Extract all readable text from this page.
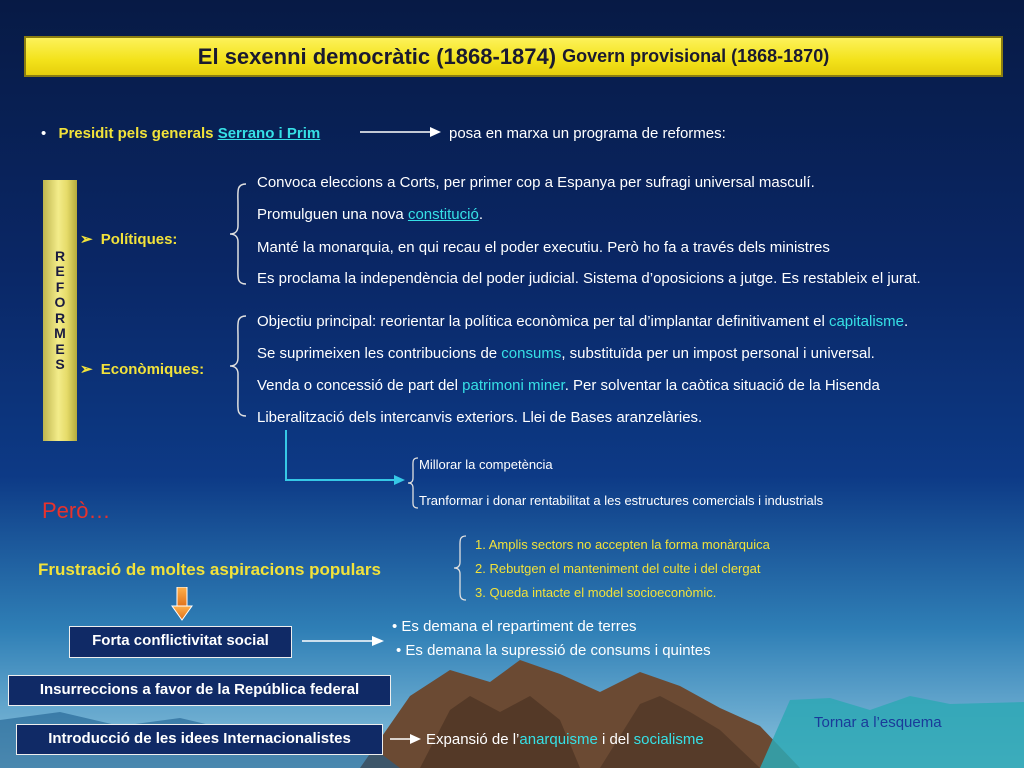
El sexenni democràtic (1868-1874) Govern provisional (1868-1870)
• Presidit pels generals Serrano i Prim	posa en marxa un programa de reformes:
R
E
F
O
R
M
E
S
➢ Polítiques:
Convoca eleccions a Corts, per primer cop a Espanya per sufragi universal masculí.
Promulguen una nova constitució.
Manté la monarquia, en qui recau el poder executiu. Però ho fa a través dels ministres
Es proclama la independència del poder judicial. Sistema d’oposicions a jutge. Es restableix el jurat.
➢ Econòmiques:
Objectiu principal: reorientar la política econòmica per tal d’implantar definitivament el capitalisme.
Se suprimeixen les contribucions de consums, substituïda per un impost personal i universal.
Venda o concessió de part del patrimoni miner. Per solventar la caòtica situació de la Hisenda
Liberalització dels intercanvis exteriors. Llei de Bases aranzelàries.
Millorar la competència
Tranformar i donar rentabilitat a les estructures comercials i industrials
Però…
Frustració de moltes aspiracions populars
1. Amplis sectors no accepten la forma monàrquica
2. Rebutgen el manteniment del culte i del clergat
3. Queda intacte el model socioeconòmic.
Forta conflictivitat social
• Es demana el repartiment de terres
• Es demana la supressió de consums i quintes
Insurreccions a favor de la República federal
Introducció de les idees Internacionalistes	Expansió de l’anarquisme i del socialisme
Tornar a l’esquema
